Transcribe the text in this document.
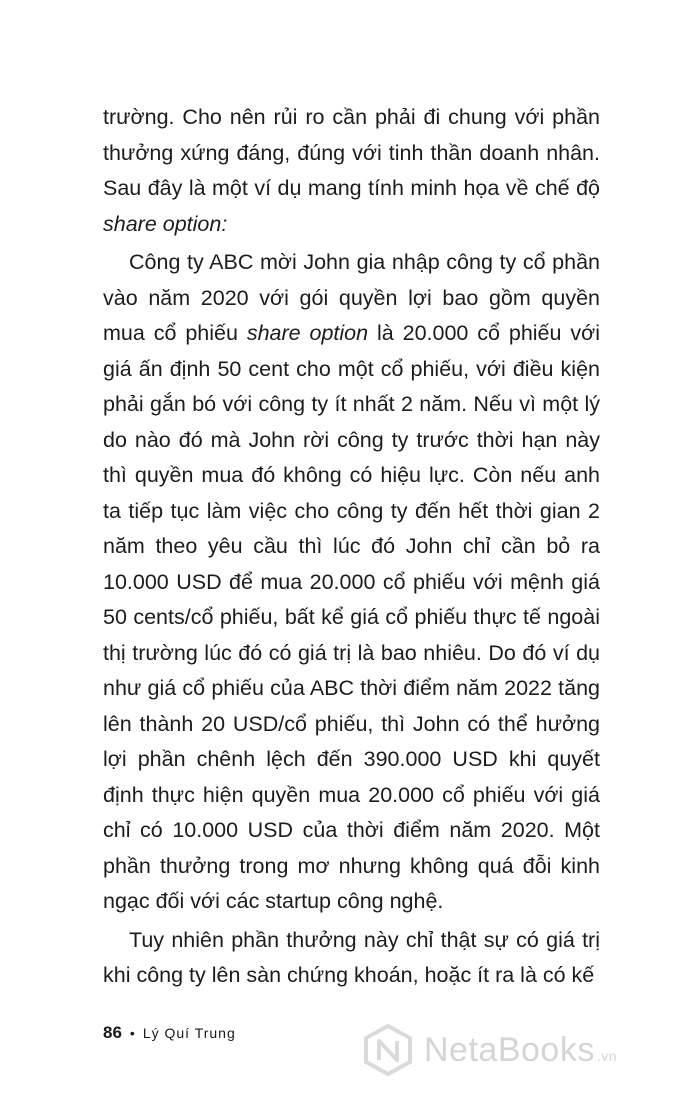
trường. Cho nên rủi ro cần phải đi chung với phần thưởng xứng đáng, đúng với tinh thần doanh nhân. Sau đây là một ví dụ mang tính minh họa về chế độ share option:

Công ty ABC mời John gia nhập công ty cổ phần vào năm 2020 với gói quyền lợi bao gồm quyền mua cổ phiếu share option là 20.000 cổ phiếu với giá ấn định 50 cent cho một cổ phiếu, với điều kiện phải gắn bó với công ty ít nhất 2 năm. Nếu vì một lý do nào đó mà John rời công ty trước thời hạn này thì quyền mua đó không có hiệu lực. Còn nếu anh ta tiếp tục làm việc cho công ty đến hết thời gian 2 năm theo yêu cầu thì lúc đó John chỉ cần bỏ ra 10.000 USD để mua 20.000 cổ phiếu với mệnh giá 50 cents/cổ phiếu, bất kể giá cổ phiếu thực tế ngoài thị trường lúc đó có giá trị là bao nhiêu. Do đó ví dụ như giá cổ phiếu của ABC thời điểm năm 2022 tăng lên thành 20 USD/cổ phiếu, thì John có thể hưởng lợi phần chênh lệch đến 390.000 USD khi quyết định thực hiện quyền mua 20.000 cổ phiếu với giá chỉ có 10.000 USD của thời điểm năm 2020. Một phần thưởng trong mơ nhưng không quá đỗi kinh ngạc đối với các startup công nghệ.

Tuy nhiên phần thưởng này chỉ thật sự có giá trị khi công ty lên sàn chứng khoán, hoặc ít ra là có kế

86 • Lý Quí Trung	NetaBooks .vn
